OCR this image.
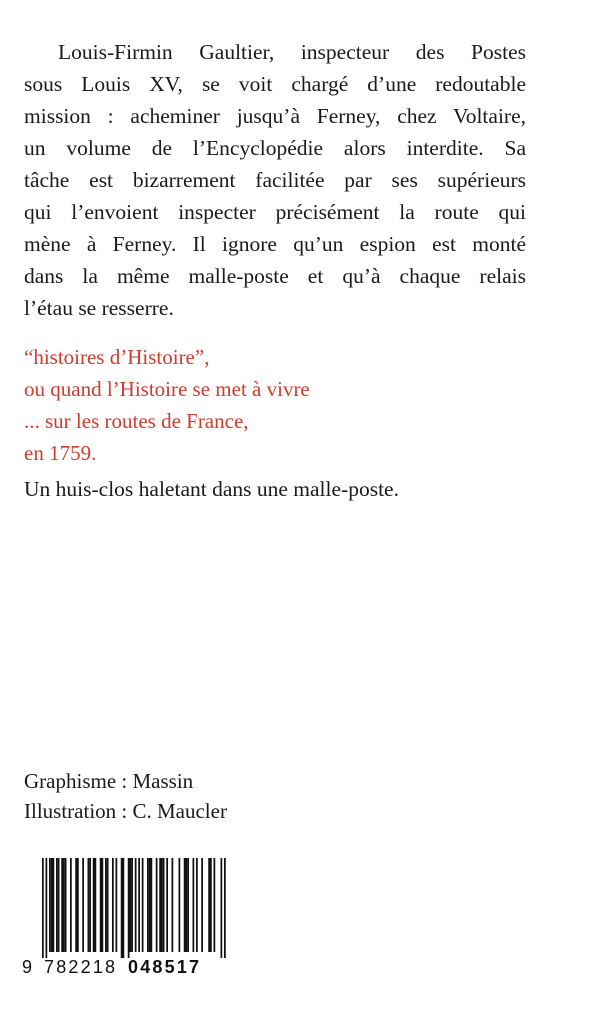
Louis-Firmin Gaultier, inspecteur des Postes
sous Louis XV, se voit chargé d’une redoutable
mission : acheminer jusqu’à Ferney, chez Voltaire,
un volume de l’Encyclopédie alors interdite. Sa
tâche est bizarrement facilitée par ses supérieurs
qui l’envoient inspecter précisément la route qui
mène à Ferney. Il ignore qu’un espion est monté
dans la même malle-poste et qu’à chaque relais
l’étau se resserre.
“histoires d’Histoire”,
ou quand l’Histoire se met à vivre
... sur les routes de France,
en 1759.

Un huis-clos haletant dans une malle-poste.

Graphisme : Massin
Illustration : C. Maucler
9 782218 048517
